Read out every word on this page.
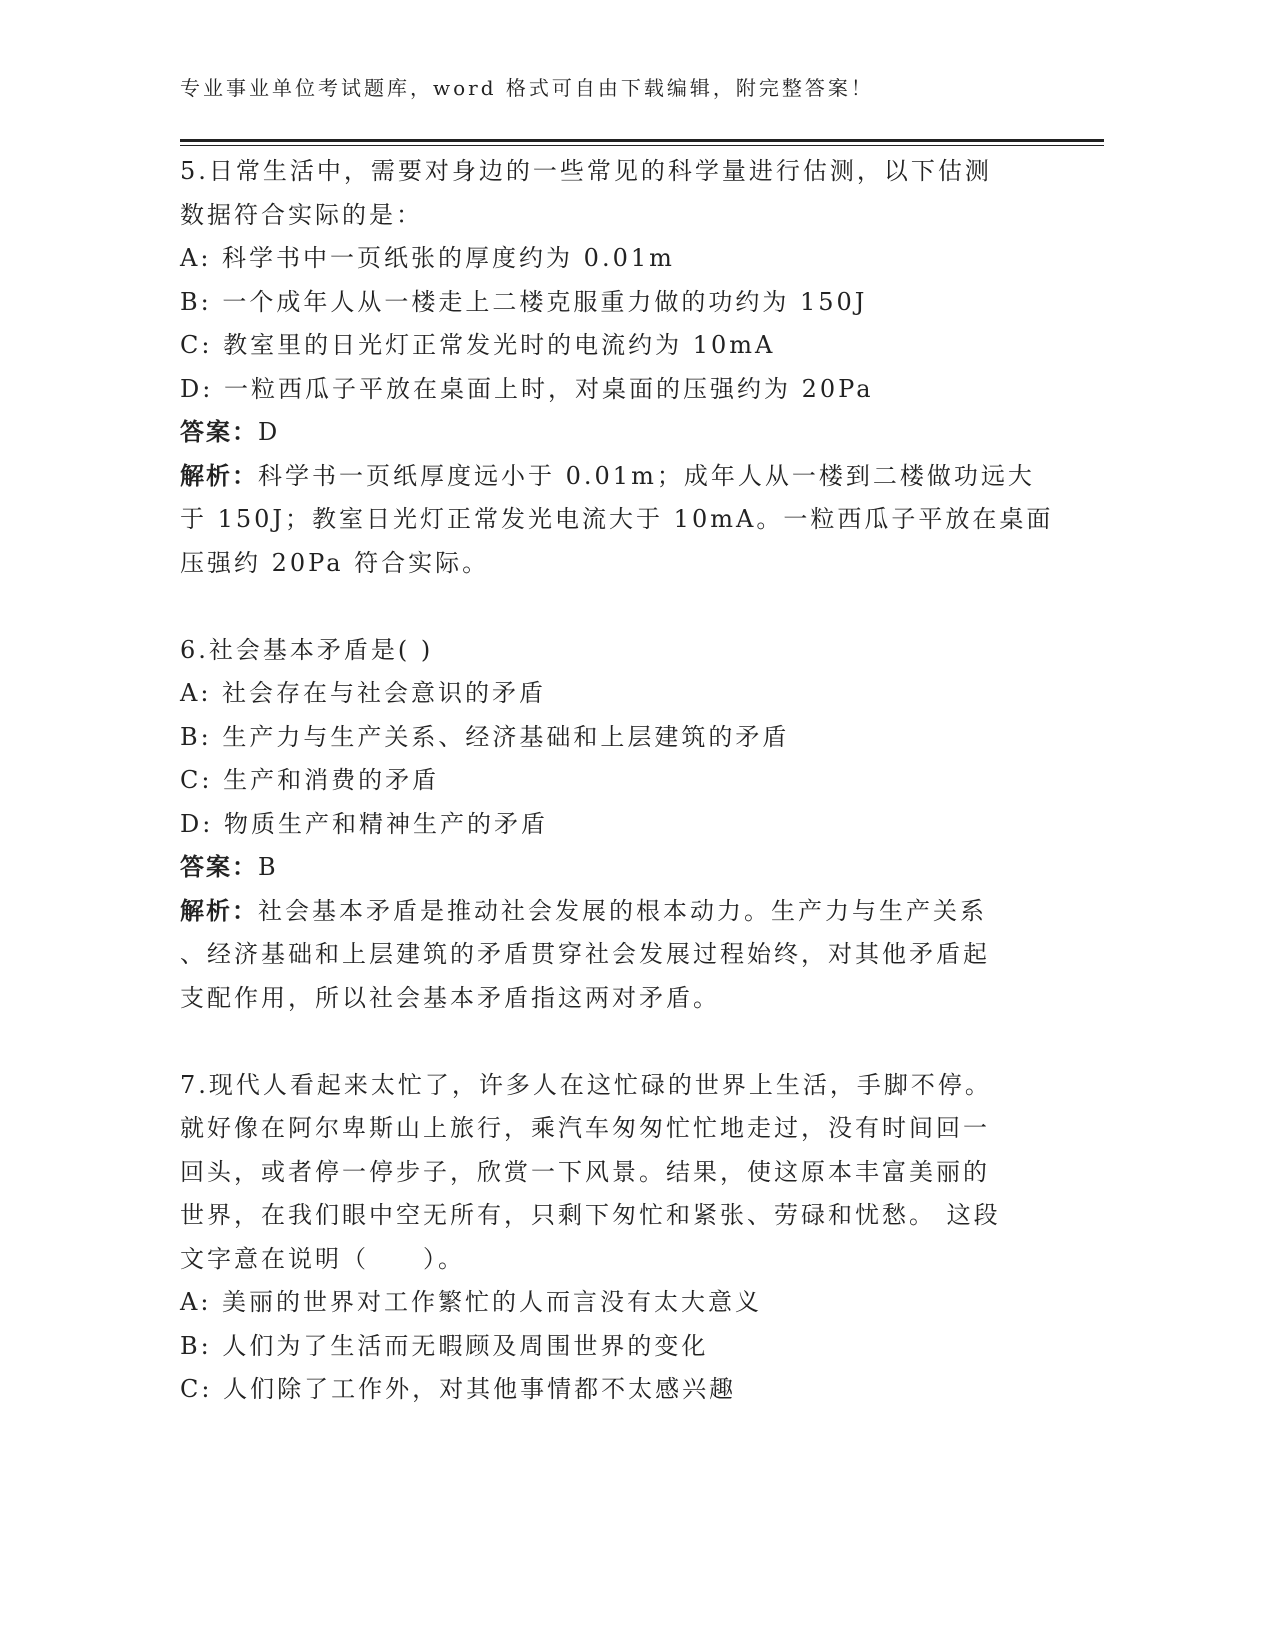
专业事业单位考试题库，word 格式可自由下载编辑，附完整答案！
5.日常生活中，需要对身边的一些常见的科学量进行估测，以下估测
数据符合实际的是：
A: 科学书中一页纸张的厚度约为 0.01m
B: 一个成年人从一楼走上二楼克服重力做的功约为 150J
C: 教室里的日光灯正常发光时的电流约为 10mA
D: 一粒西瓜子平放在桌面上时，对桌面的压强约为 20Pa
答案：D
解析：科学书一页纸厚度远小于 0.01m；成年人从一楼到二楼做功远大
于 150J；教室日光灯正常发光电流大于 10mA。一粒西瓜子平放在桌面
压强约 20Pa 符合实际。
6.社会基本矛盾是( )
A: 社会存在与社会意识的矛盾
B: 生产力与生产关系、经济基础和上层建筑的矛盾
C: 生产和消费的矛盾
D: 物质生产和精神生产的矛盾
答案：B
解析：社会基本矛盾是推动社会发展的根本动力。生产力与生产关系
、经济基础和上层建筑的矛盾贯穿社会发展过程始终，对其他矛盾起
支配作用，所以社会基本矛盾指这两对矛盾。
7.现代人看起来太忙了，许多人在这忙碌的世界上生活，手脚不停。
就好像在阿尔卑斯山上旅行，乘汽车匆匆忙忙地走过，没有时间回一
回头，或者停一停步子，欣赏一下风景。结果，使这原本丰富美丽的
世界，在我们眼中空无所有，只剩下匆忙和紧张、劳碌和忧愁。 这段
文字意在说明（　　）。
A: 美丽的世界对工作繁忙的人而言没有太大意义
B: 人们为了生活而无暇顾及周围世界的变化
C: 人们除了工作外，对其他事情都不太感兴趣
